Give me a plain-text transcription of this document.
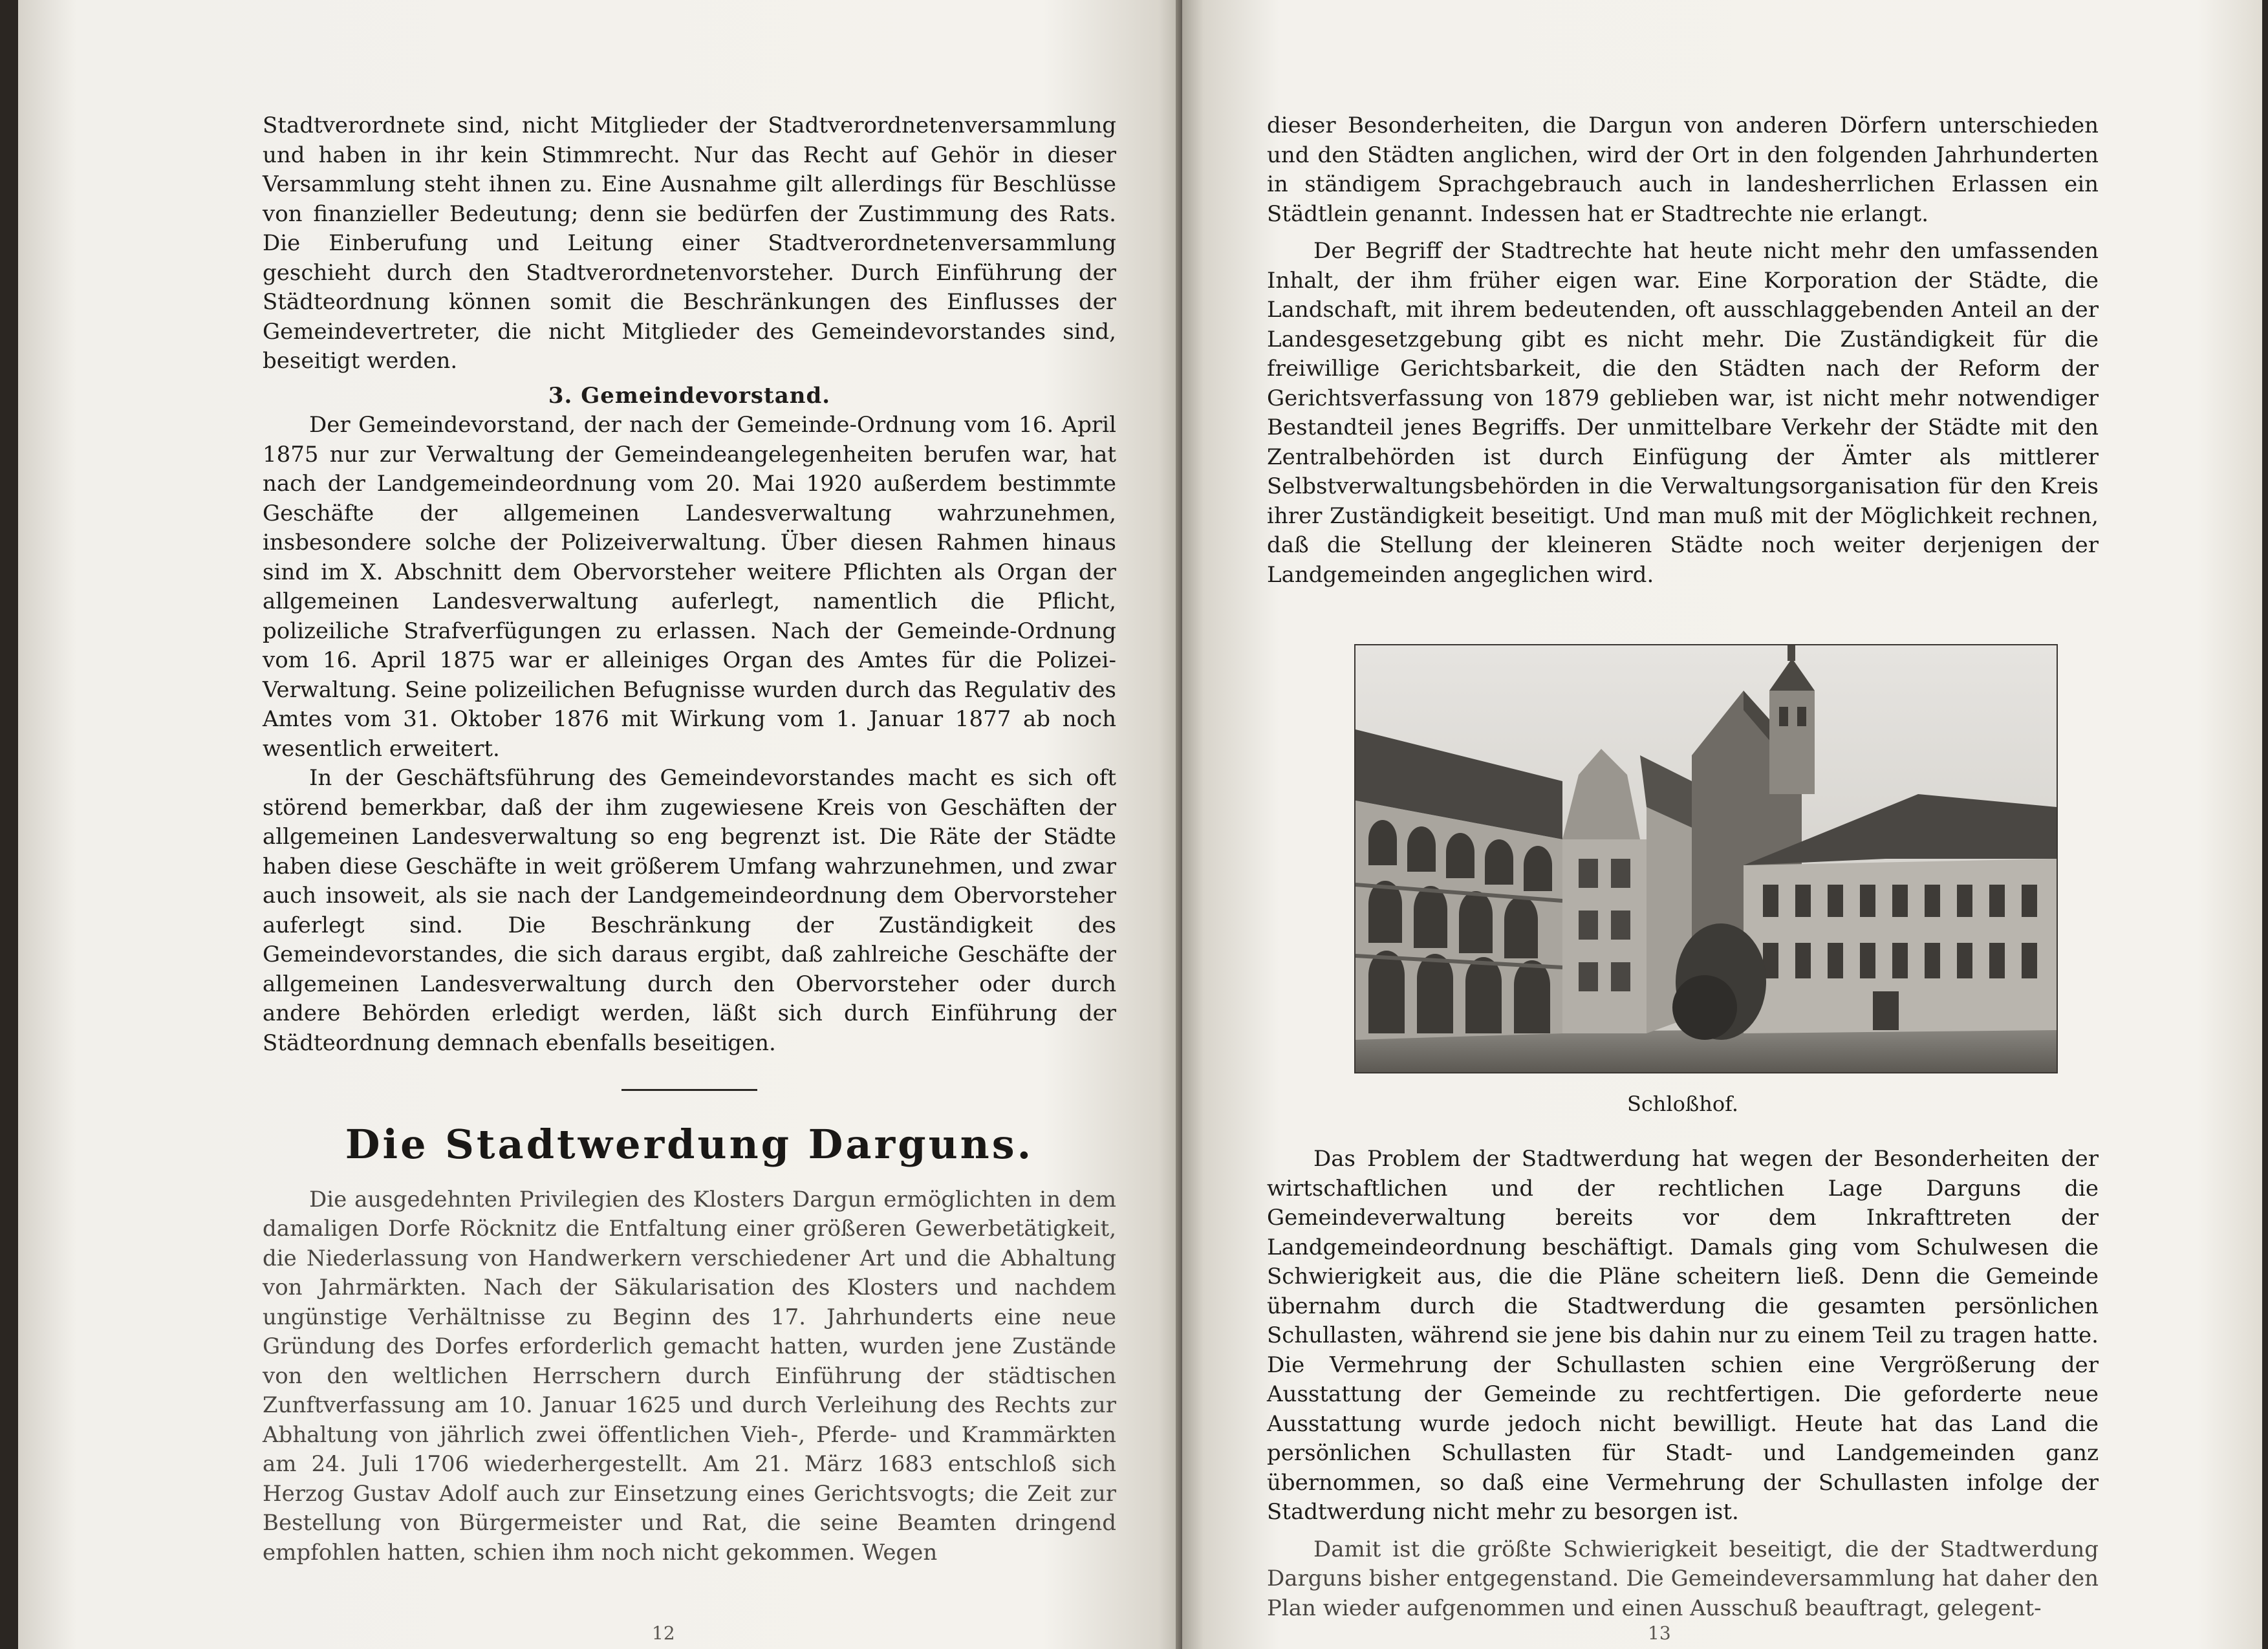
Stadtverordnete sind, nicht Mitglieder der Stadtverordnetenversammlung und haben in ihr kein Stimmrecht. Nur das Recht auf Gehör in dieser Versammlung steht ihnen zu. Eine Ausnahme gilt allerdings für Beschlüsse von finanzieller Bedeutung; denn sie bedürfen der Zustimmung des Rats. Die Einberufung und Leitung einer Stadtverordnetenversammlung geschieht durch den Stadtverordnetenvorsteher. Durch Einführung der Städteordnung können somit die Beschränkungen des Einflusses der Gemeindevertreter, die nicht Mitglieder des Gemeindevorstandes sind, beseitigt werden.

3. Gemeindevorstand.

Der Gemeindevorstand, der nach der Gemeinde-Ordnung vom 16. April 1875 nur zur Verwaltung der Gemeindeangelegenheiten berufen war, hat nach der Landgemeindeordnung vom 20. Mai 1920 außerdem bestimmte Geschäfte der allgemeinen Landesverwaltung wahrzunehmen, insbesondere solche der Polizeiverwaltung. Über diesen Rahmen hinaus sind im X. Abschnitt dem Obervorsteher weitere Pflichten als Organ der allgemeinen Landesverwaltung auferlegt, namentlich die Pflicht, polizeiliche Strafverfügungen zu erlassen. Nach der Gemeinde-Ordnung vom 16. April 1875 war er alleiniges Organ des Amtes für die Polizei-Verwaltung. Seine polizeilichen Befugnisse wurden durch das Regulativ des Amtes vom 31. Oktober 1876 mit Wirkung vom 1. Januar 1877 ab noch wesentlich erweitert.

In der Geschäftsführung des Gemeindevorstandes macht es sich oft störend bemerkbar, daß der ihm zugewiesene Kreis von Geschäften der allgemeinen Landesverwaltung so eng begrenzt ist. Die Räte der Städte haben diese Geschäfte in weit größerem Umfang wahrzunehmen, und zwar auch insoweit, als sie nach der Landgemeindeordnung dem Obervorsteher auferlegt sind. Die Beschränkung der Zuständigkeit des Gemeindevorstandes, die sich daraus ergibt, daß zahlreiche Geschäfte der allgemeinen Landesverwaltung durch den Obervorsteher oder durch andere Behörden erledigt werden, läßt sich durch Einführung der Städteordnung demnach ebenfalls beseitigen.

Die Stadtwerdung Darguns.

Die ausgedehnten Privilegien des Klosters Dargun ermöglichten in dem damaligen Dorfe Röcknitz die Entfaltung einer größeren Gewerbetätigkeit, die Niederlassung von Handwerkern verschiedener Art und die Abhaltung von Jahrmärkten. Nach der Säkularisation des Klosters und nachdem ungünstige Verhältnisse zu Beginn des 17. Jahrhunderts eine neue Gründung des Dorfes erforderlich gemacht hatten, wurden jene Zustände von den weltlichen Herrschern durch Einführung der städtischen Zunftverfassung am 10. Januar 1625 und durch Verleihung des Rechts zur Abhaltung von jährlich zwei öffentlichen Vieh-, Pferde- und Krammärkten am 24. Juli 1706 wiederhergestellt. Am 21. März 1683 entschloß sich Herzog Gustav Adolf auch zur Einsetzung eines Gerichtsvogts; die Zeit zur Bestellung von Bürgermeister und Rat, die seine Beamten dringend empfohlen hatten, schien ihm noch nicht gekommen. Wegen

12

dieser Besonderheiten, die Dargun von anderen Dörfern unterschieden und den Städten anglichen, wird der Ort in den folgenden Jahrhunderten in ständigem Sprachgebrauch auch in landesherrlichen Erlassen ein Städtlein genannt. Indessen hat er Stadtrechte nie erlangt.

Der Begriff der Stadtrechte hat heute nicht mehr den umfassenden Inhalt, der ihm früher eigen war. Eine Korporation der Städte, die Landschaft, mit ihrem bedeutenden, oft ausschlaggebenden Anteil an der Landesgesetzgebung gibt es nicht mehr. Die Zuständigkeit für die freiwillige Gerichtsbarkeit, die den Städten nach der Reform der Gerichtsverfassung von 1879 geblieben war, ist nicht mehr notwendiger Bestandteil jenes Begriffs. Der unmittelbare Verkehr der Städte mit den Zentralbehörden ist durch Einfügung der Ämter als mittlerer Selbstverwaltungsbehörden in die Verwaltungsorganisation für den Kreis ihrer Zuständigkeit beseitigt. Und man muß mit der Möglichkeit rechnen, daß die Stellung der kleineren Städte noch weiter derjenigen der Landgemeinden angeglichen wird.

Schloßhof.

Das Problem der Stadtwerdung hat wegen der Besonderheiten der wirtschaftlichen und der rechtlichen Lage Darguns die Gemeindeverwaltung bereits vor dem Inkrafttreten der Landgemeindeordnung beschäftigt. Damals ging vom Schulwesen die Schwierigkeit aus, die die Pläne scheitern ließ. Denn die Gemeinde übernahm durch die Stadtwerdung die gesamten persönlichen Schullasten, während sie jene bis dahin nur zu einem Teil zu tragen hatte. Die Vermehrung der Schullasten schien eine Vergrößerung der Ausstattung der Gemeinde zu rechtfertigen. Die geforderte neue Ausstattung wurde jedoch nicht bewilligt. Heute hat das Land die persönlichen Schullasten für Stadt- und Landgemeinden ganz übernommen, so daß eine Vermehrung der Schullasten infolge der Stadtwerdung nicht mehr zu besorgen ist.

Damit ist die größte Schwierigkeit beseitigt, die der Stadtwerdung Darguns bisher entgegenstand. Die Gemeindeversammlung hat daher den Plan wieder aufgenommen und einen Ausschuß beauftragt, gelegent-

13
